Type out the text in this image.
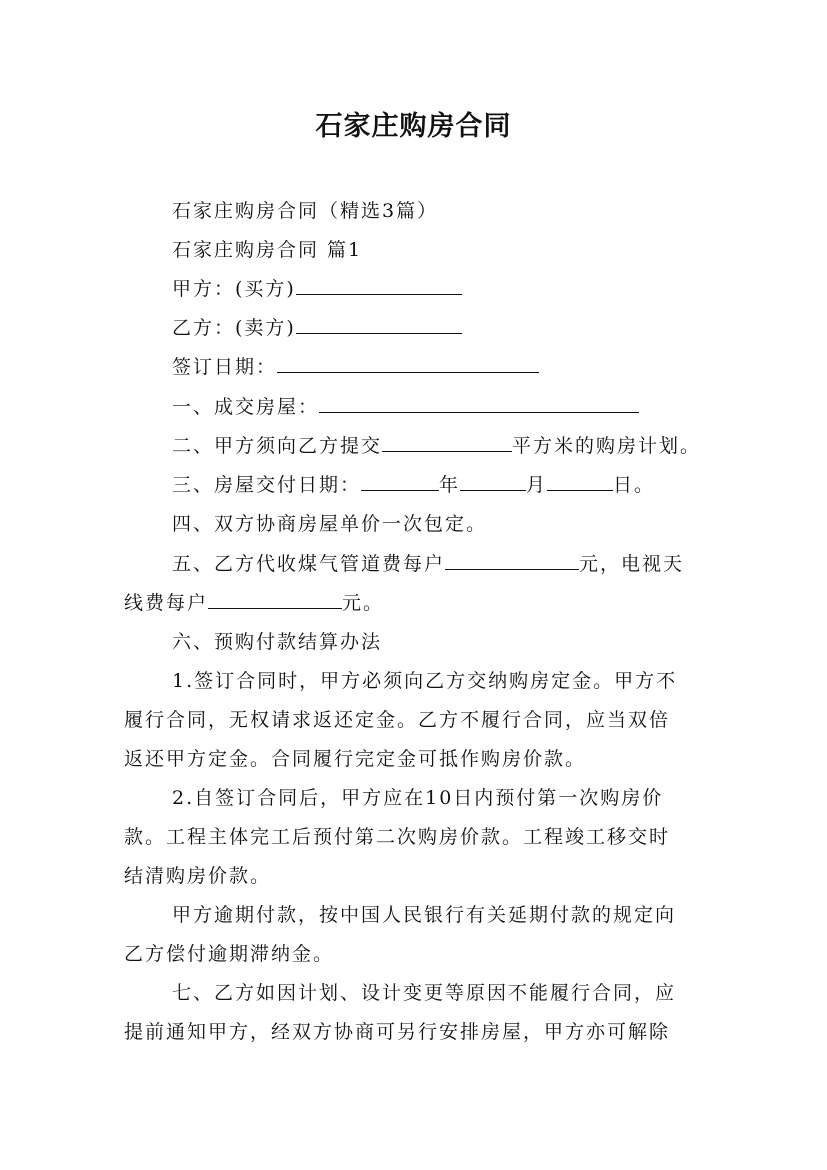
石家庄购房合同
石家庄购房合同（精选3篇）
石家庄购房合同 篇1
甲方：(买方)
乙方：(卖方)
签订日期：
一、成交房屋：
二、甲方须向乙方提交	平方米的购房计划。
三、房屋交付日期：	年	月	日。
四、双方协商房屋单价一次包定。
五、乙方代收煤气管道费每户	元，电视天
线费每户	元。
六、预购付款结算办法
1.签订合同时，甲方必须向乙方交纳购房定金。甲方不
履行合同，无权请求返还定金。乙方不履行合同，应当双倍
返还甲方定金。合同履行完定金可抵作购房价款。
2.自签订合同后，甲方应在10日内预付第一次购房价
款。工程主体完工后预付第二次购房价款。工程竣工移交时
结清购房价款。
甲方逾期付款，按中国人民银行有关延期付款的规定向
乙方偿付逾期滞纳金。
七、乙方如因计划、设计变更等原因不能履行合同，应
提前通知甲方，经双方协商可另行安排房屋，甲方亦可解除
